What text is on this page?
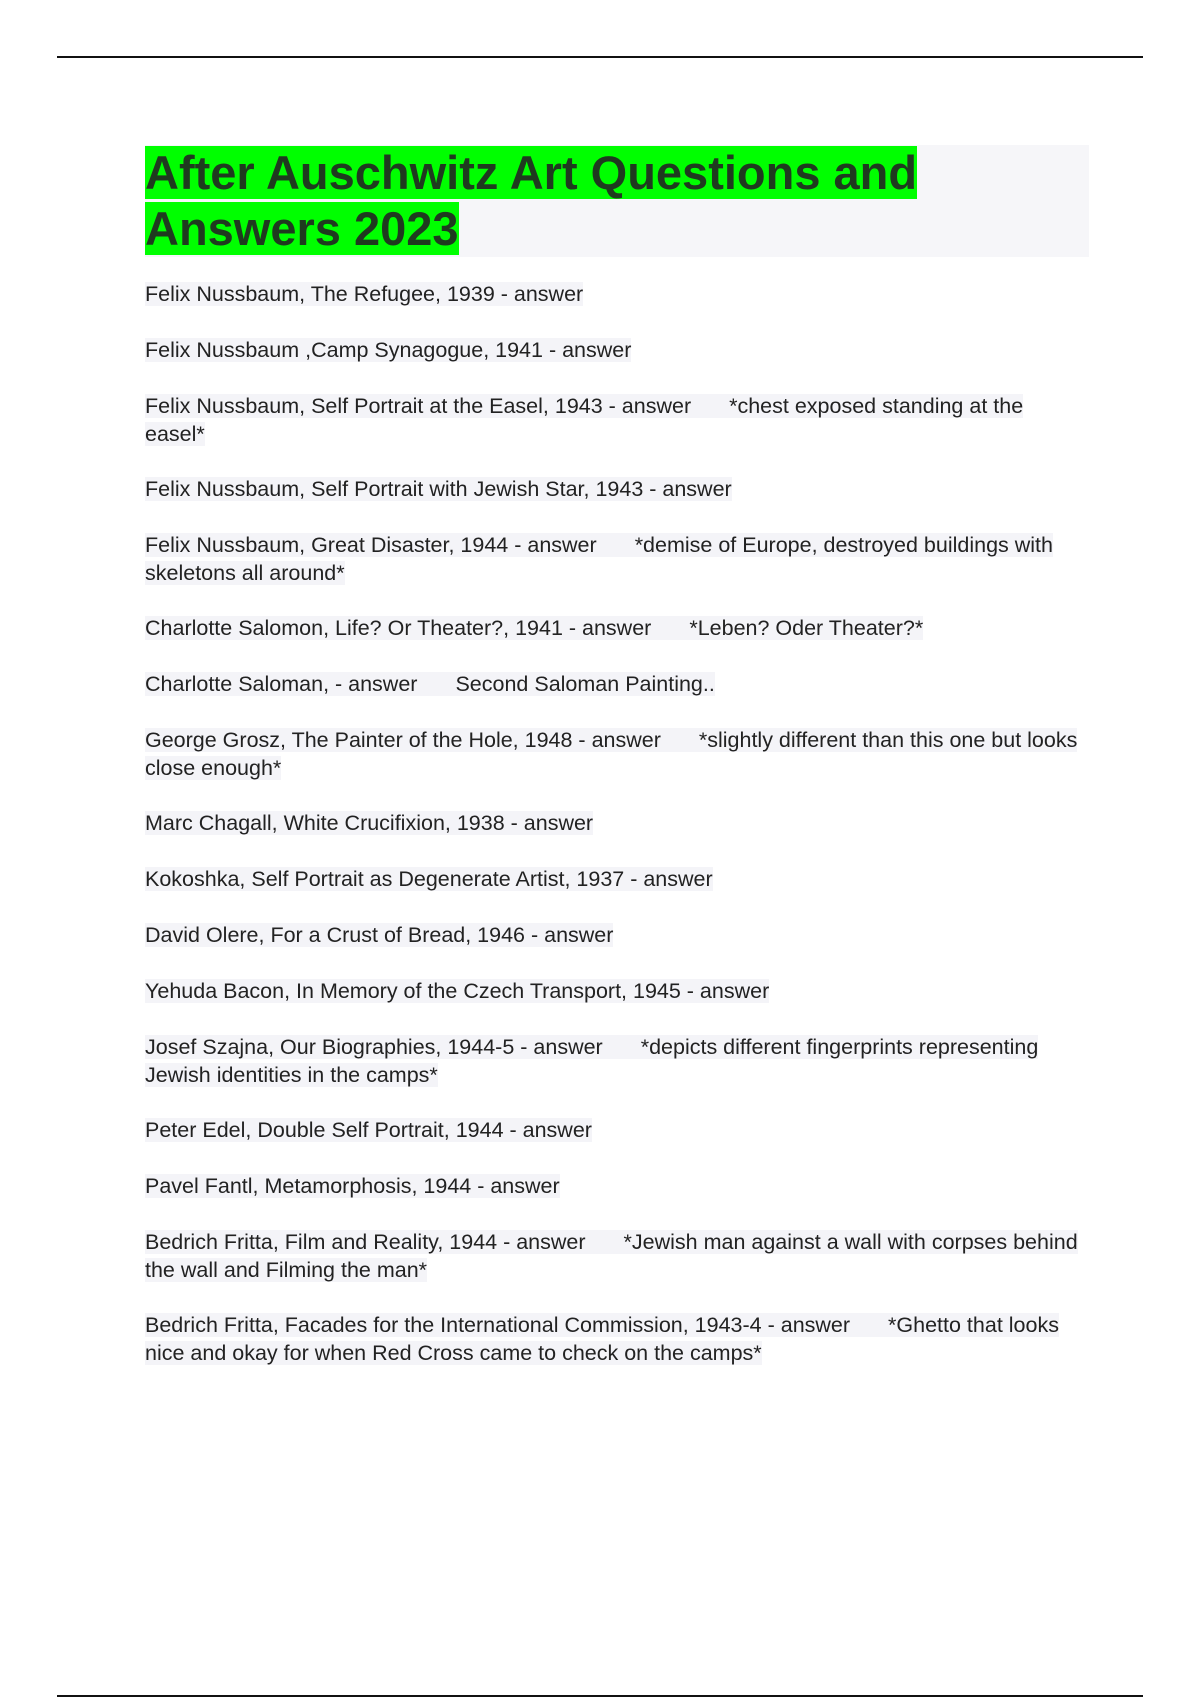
After Auschwitz Art Questions and
Answers 2023
Felix Nussbaum, The Refugee, 1939 - answer
Felix Nussbaum ,Camp Synagogue, 1941 - answer
Felix Nussbaum, Self Portrait at the Easel, 1943 - answer *chest exposed standing at the easel*
Felix Nussbaum, Self Portrait with Jewish Star, 1943 - answer
Felix Nussbaum, Great Disaster, 1944 - answer *demise of Europe, destroyed buildings with skeletons all around*
Charlotte Salomon, Life? Or Theater?, 1941 - answer *Leben? Oder Theater?*
Charlotte Saloman, - answer Second Saloman Painting..
George Grosz, The Painter of the Hole, 1948 - answer *slightly different than this one but looks close enough*
Marc Chagall, White Crucifixion, 1938 - answer
Kokoshka, Self Portrait as Degenerate Artist, 1937 - answer
David Olere, For a Crust of Bread, 1946 - answer
Yehuda Bacon, In Memory of the Czech Transport, 1945 - answer
Josef Szajna, Our Biographies, 1944-5 - answer *depicts different fingerprints representing Jewish identities in the camps*
Peter Edel, Double Self Portrait, 1944 - answer
Pavel Fantl, Metamorphosis, 1944 - answer
Bedrich Fritta, Film and Reality, 1944 - answer *Jewish man against a wall with corpses behind the wall and Filming the man*
Bedrich Fritta, Facades for the International Commission, 1943-4 - answer *Ghetto that looks nice and okay for when Red Cross came to check on the camps*
